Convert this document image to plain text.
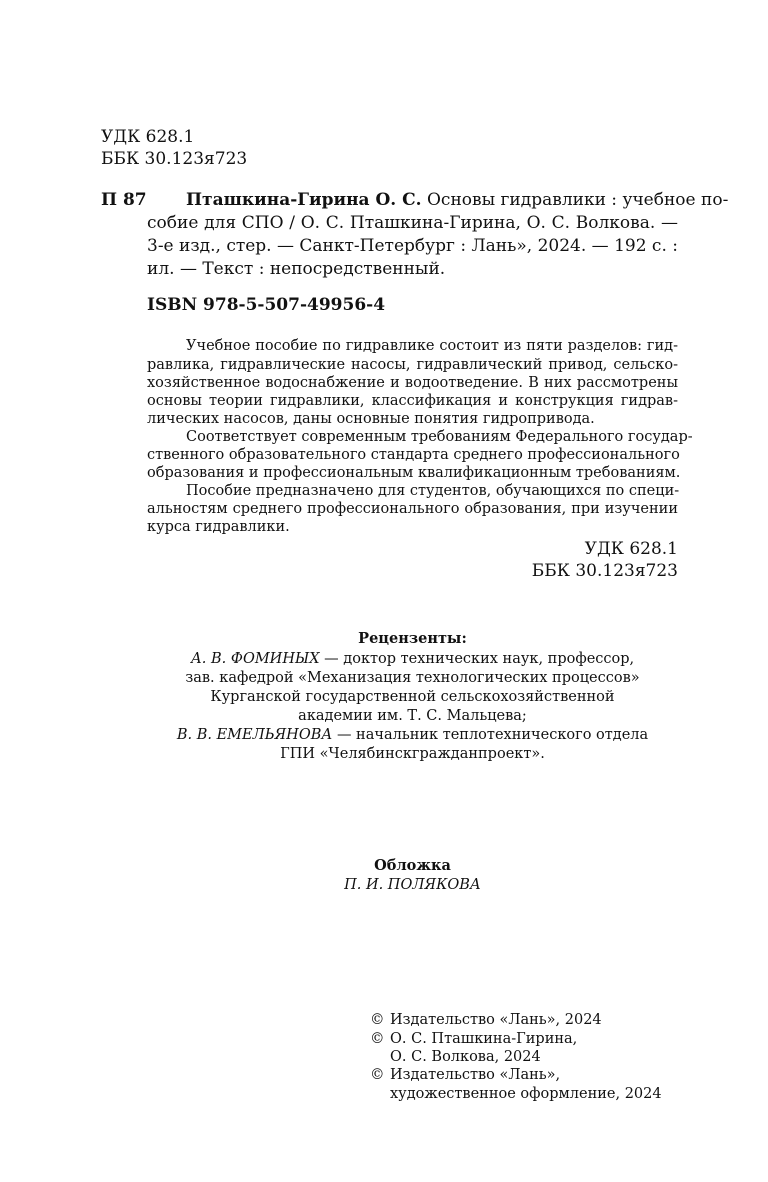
УДК 628.1
ББК 30.123я723
П 87 Пташкина-Гирина О. С. Основы гидравлики : учебное по-
собие для СПО / О. С. Пташкина-Гирина, О. С. Волкова. —
3-е изд., стер. — Санкт-Петербург : Лань», 2024. — 192 с. :
ил. — Текст : непосредственный.
ISBN 978-5-507-49956-4
Учебное пособие по гидравлике состоит из пяти разделов: гид-
равлика, гидравлические насосы, гидравлический привод, сельско-
хозяйственное водоснабжение и водоотведение. В них рассмотрены
основы теории гидравлики, классификация и конструкция гидрав-
лических насосов, даны основные понятия гидропривода.
Соответствует современным требованиям Федерального государ-
ственного образовательного стандарта среднего профессионального
образования и профессиональным квалификационным требованиям.
Пособие предназначено для студентов, обучающихся по специ-
альностям среднего профессионального образования, при изучении
курса гидравлики.
УДК 628.1
ББК 30.123я723
Рецензенты:
А. В. ФОМИНЫХ — доктор технических наук, профессор,
зав. кафедрой «Механизация технологических процессов»
Курганской государственной сельскохозяйственной
академии им. Т. С. Мальцева;
В. В. ЕМЕЛЬЯНОВА — начальник теплотехнического отдела
ГПИ «Челябинскгражданпроект».
Обложка
П. И. ПОЛЯКОВА
© Издательство «Лань», 2024
© О. С. Пташкина-Гирина,
О. С. Волкова, 2024
© Издательство «Лань»,
художественное оформление, 2024
